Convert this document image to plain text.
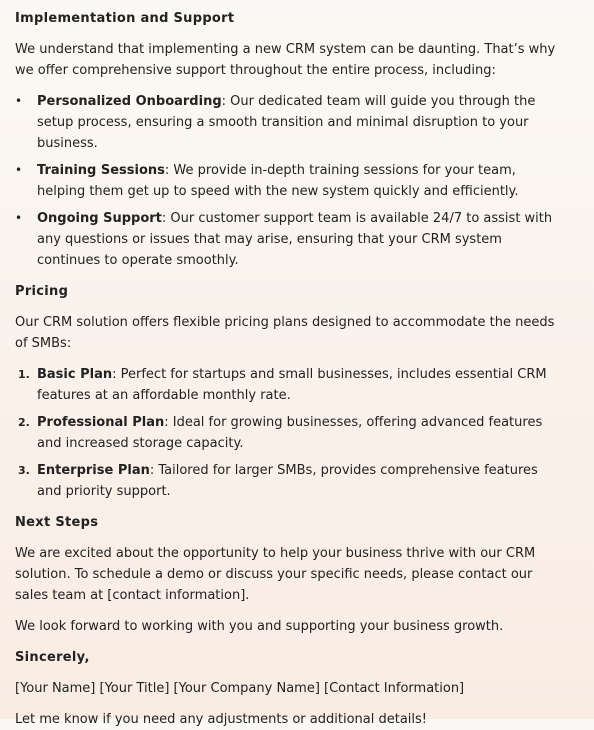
Implementation and Support

We understand that implementing a new CRM system can be daunting. That’s why we offer comprehensive support throughout the entire process, including:

• Personalized Onboarding: Our dedicated team will guide you through the setup process, ensuring a smooth transition and minimal disruption to your business.
• Training Sessions: We provide in-depth training sessions for your team, helping them get up to speed with the new system quickly and efficiently.
• Ongoing Support: Our customer support team is available 24/7 to assist with any questions or issues that may arise, ensuring that your CRM system continues to operate smoothly.
Pricing

Our CRM solution offers flexible pricing plans designed to accommodate the needs of SMBs:

1. Basic Plan: Perfect for startups and small businesses, includes essential CRM features at an affordable monthly rate.
2. Professional Plan: Ideal for growing businesses, offering advanced features and increased storage capacity.
3. Enterprise Plan: Tailored for larger SMBs, provides comprehensive features and priority support.
Next Steps

We are excited about the opportunity to help your business thrive with our CRM solution. To schedule a demo or discuss your specific needs, please contact our sales team at [contact information].

We look forward to working with you and supporting your business growth.

Sincerely,

[Your Name] [Your Title] [Your Company Name] [Contact Information]

Let me know if you need any adjustments or additional details!
